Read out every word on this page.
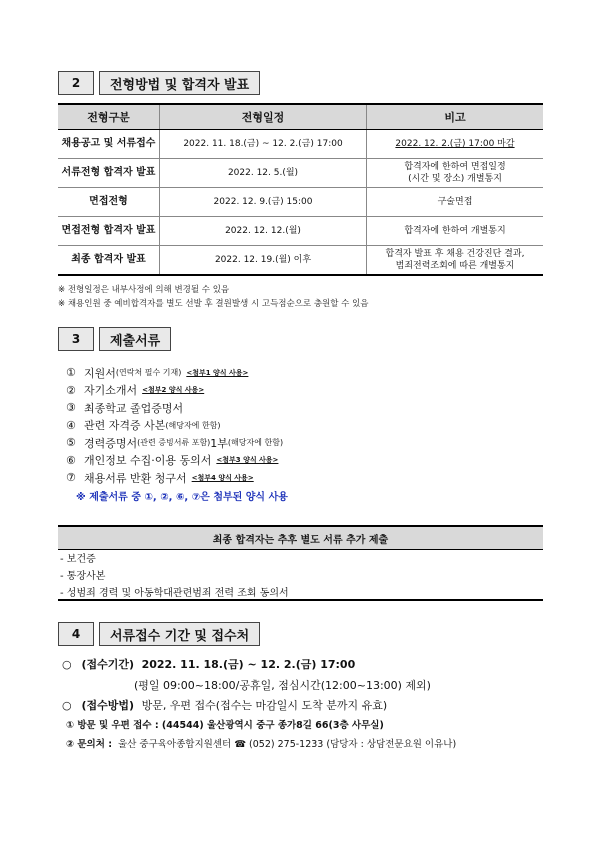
2	전형방법 및 합격자 발표
전형구분	전형일정	비고
채용공고 및 서류접수	2022. 11. 18.(금) ~ 12. 2.(금) 17:00	2022. 12. 2.(금) 17:00 마감
서류전형 합격자 발표	2022. 12. 5.(월)	합격자에 한하여 면접일정
(시간 및 장소) 개별통지

면접전형	2022. 12. 9.(금) 15:00	구술면접
면접전형 합격자 발표	2022. 12. 12.(월)	합격자에 한하여 개별통지
최종 합격자 발표	2022. 12. 19.(월) 이후	합격자 발표 후 채용 건강진단 결과,
범죄전력조회에 따른 개별통지
※ 전형일정은 내부사정에 의해 변경될 수 있음
※ 채용인원 중 예비합격자를 별도 선발 후 결원발생 시 고득점순으로 충원할 수 있음
3	제출서류
① 지원서 (연락처 필수 기재) <첨부1 양식 사용>
② 자기소개서 <첨부2 양식 사용>
③ 최종학교 졸업증명서
④ 관련 자격증 사본 (해당자에 한함)
⑤ 경력증명서 (관련 증빙서류 포함) 1부 (해당자에 한함)
⑥ 개인정보 수집·이용 동의서 <첨부3 양식 사용>
⑦ 채용서류 반환 청구서 <첨부4 양식 사용>
※ 제출서류 중 ①, ②, ⑥, ⑦은 첨부된 양식 사용
최종 합격자는 추후 별도 서류 추가 제출
- 보건증
- 통장사본
- 성범죄 경력 및 아동학대관련범죄 전력 조회 동의서
4	서류접수 기간 및 접수처
○ (접수기간) 2022. 11. 18.(금) ~ 12. 2.(금) 17:00
(평일 09:00~18:00/공휴일, 점심시간(12:00~13:00) 제외)
○ (접수방법) 방문, 우편 접수(접수는 마감일시 도착 분까지 유효)
① 방문 및 우편 접수 : (44544) 울산광역시 중구 종가8길 66(3층 사무실)
② 문의처 : 울산 중구육아종합지원센터 ☎ (052) 275-1233 (담당자 : 상담전문요원 이유나)
